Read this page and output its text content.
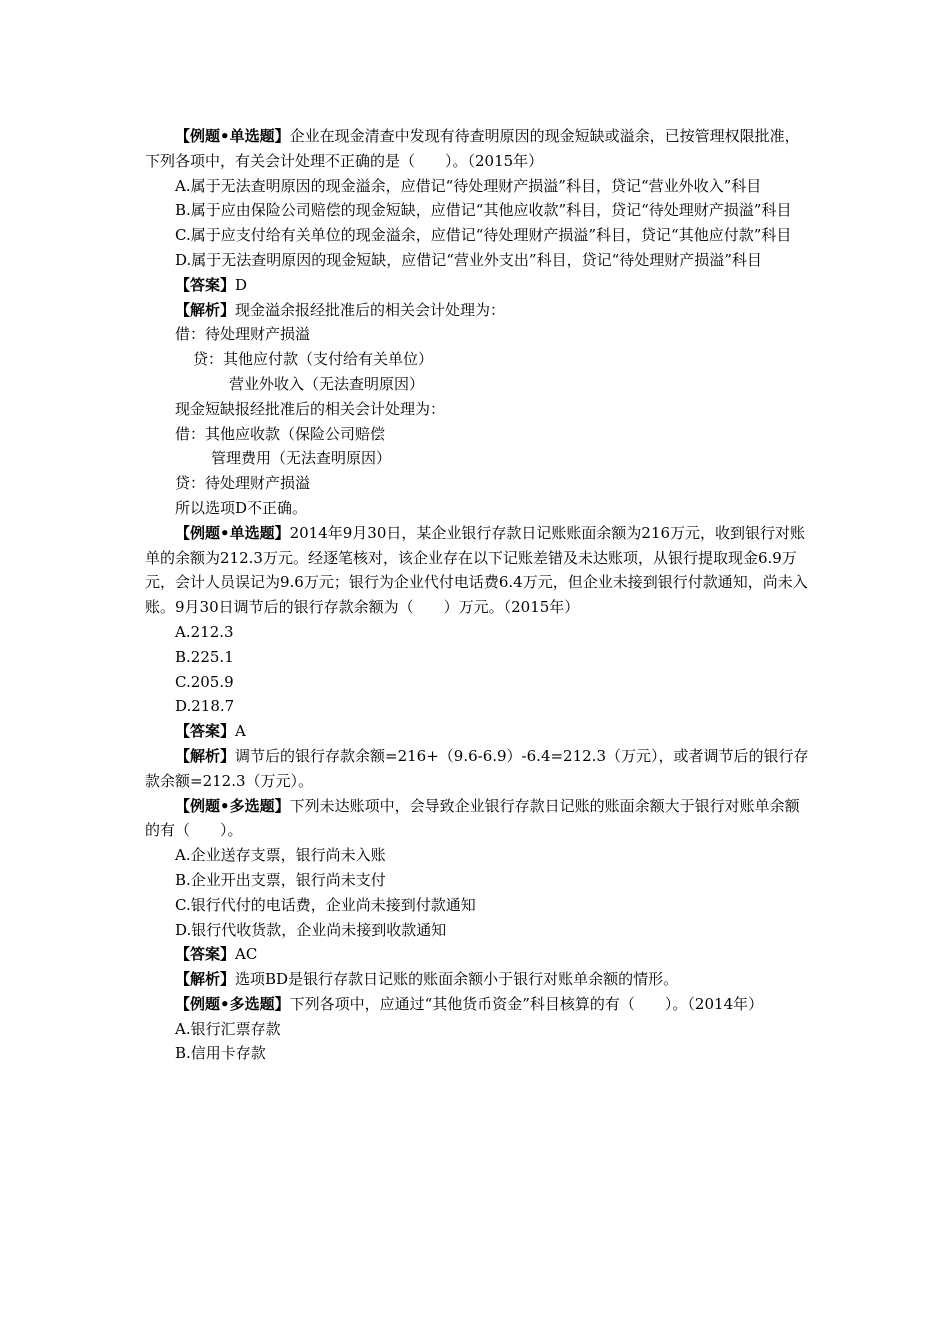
【例题•单选题】企业在现金清查中发现有待查明原因的现金短缺或溢余，已按管理权限批准，下列各项中，有关会计处理不正确的是（　　）。（2015年）

A.属于无法查明原因的现金溢余，应借记“待处理财产损溢”科目，贷记“营业外收入”科目

B.属于应由保险公司赔偿的现金短缺，应借记“其他应收款”科目，贷记“待处理财产损溢”科目

C.属于应支付给有关单位的现金溢余，应借记“待处理财产损溢”科目，贷记“其他应付款”科目

D.属于无法查明原因的现金短缺，应借记“营业外支出”科目，贷记“待处理财产损溢”科目

【答案】D

【解析】现金溢余报经批准后的相关会计处理为：

借：待处理财产损溢

贷：其他应付款（支付给有关单位）

营业外收入（无法查明原因）

现金短缺报经批准后的相关会计处理为：

借：其他应收款（保险公司赔偿

管理费用（无法查明原因）

贷：待处理财产损溢

所以选项D不正确。

【例题•单选题】2014年9月30日，某企业银行存款日记账账面余额为216万元，收到银行对账单的余额为212.3万元。经逐笔核对，该企业存在以下记账差错及未达账项，从银行提取现金6.9万元，会计人员误记为9.6万元；银行为企业代付电话费6.4万元，但企业未接到银行付款通知，尚未入账。9月30日调节后的银行存款余额为（　　）万元。（2015年）

A.212.3

B.225.1

C.205.9

D.218.7

【答案】A

【解析】调节后的银行存款余额=216+（9.6-6.9）-6.4=212.3（万元），或者调节后的银行存款余额=212.3（万元）。

【例题•多选题】下列未达账项中，会导致企业银行存款日记账的账面余额大于银行对账单余额的有（　　）。

A.企业送存支票，银行尚未入账

B.企业开出支票，银行尚未支付

C.银行代付的电话费，企业尚未接到付款通知

D.银行代收货款，企业尚未接到收款通知

【答案】AC

【解析】选项BD是银行存款日记账的账面余额小于银行对账单余额的情形。

【例题•多选题】下列各项中，应通过“其他货币资金”科目核算的有（　　）。（2014年）

A.银行汇票存款

B.信用卡存款
